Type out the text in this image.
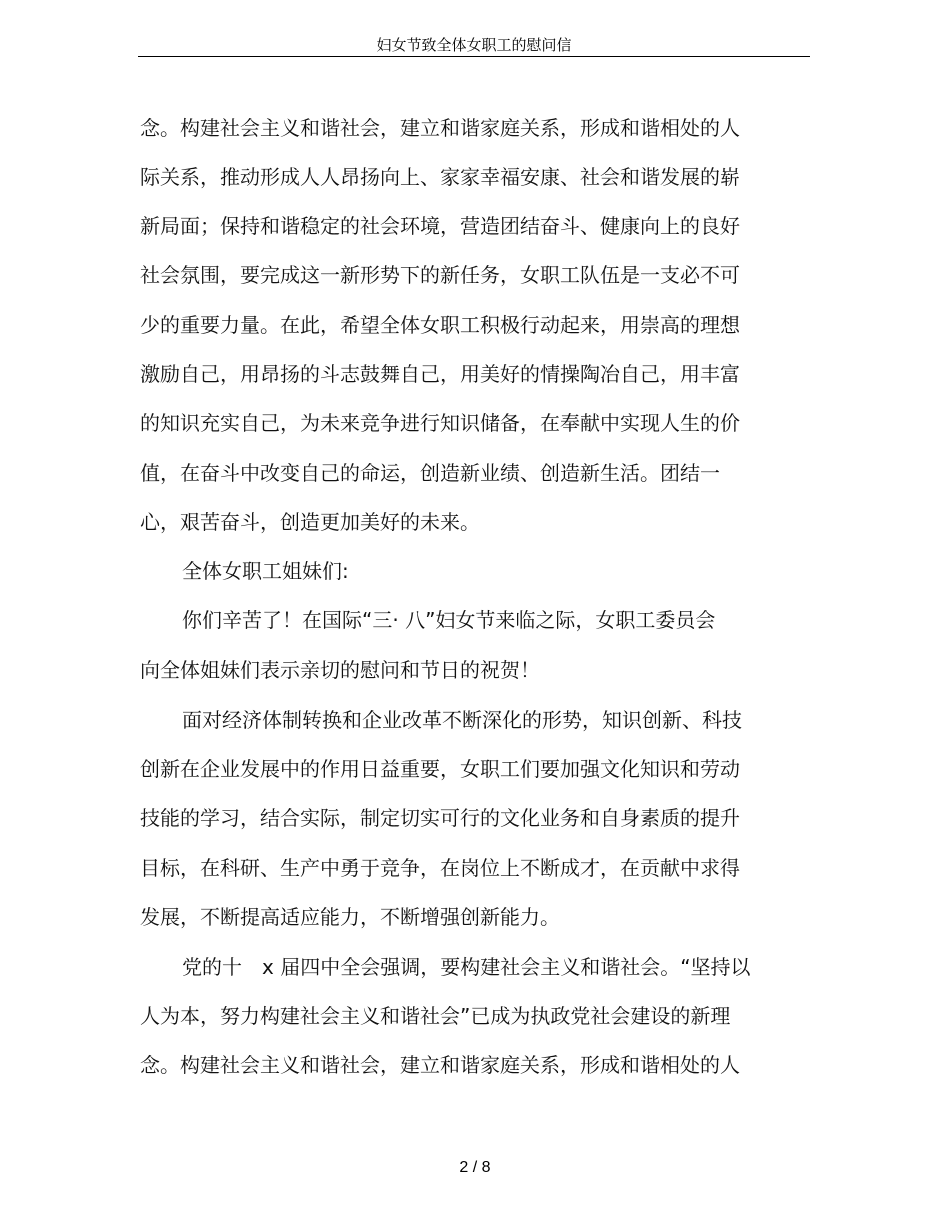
妇女节致全体女职工的慰问信
念。构建社会主义和谐社会，建立和谐家庭关系，形成和谐相处的人
际关系，推动形成人人昂扬向上、家家幸福安康、社会和谐发展的崭
新局面；保持和谐稳定的社会环境，营造团结奋斗、健康向上的良好
社会氛围，要完成这一新形势下的新任务，女职工队伍是一支必不可
少的重要力量。在此，希望全体女职工积极行动起来，用崇高的理想
激励自己，用昂扬的斗志鼓舞自己，用美好的情操陶冶自己，用丰富
的知识充实自己，为未来竞争进行知识储备，在奉献中实现人生的价
值，在奋斗中改变自己的命运，创造新业绩、创造新生活。团结一
心，艰苦奋斗，创造更加美好的未来。
全体女职工姐妹们:
你们辛苦了！在国际“三· 八”妇女节来临之际，女职工委员会
向全体姐妹们表示亲切的慰问和节日的祝贺！
面对经济体制转换和企业改革不断深化的形势，知识创新、科技
创新在企业发展中的作用日益重要，女职工们要加强文化知识和劳动
技能的学习，结合实际，制定切实可行的文化业务和自身素质的提升
目标，在科研、生产中勇于竞争，在岗位上不断成才，在贡献中求得
发展，不断提高适应能力，不断增强创新能力。
党的十　x 届四中全会强调，要构建社会主义和谐社会。“坚持以
人为本，努力构建社会主义和谐社会”已成为执政党社会建设的新理
念。构建社会主义和谐社会，建立和谐家庭关系，形成和谐相处的人
2 / 8
